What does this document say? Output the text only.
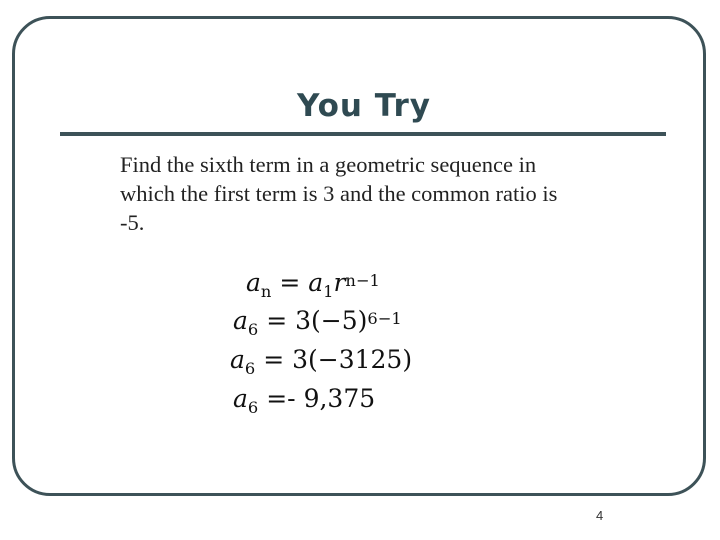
You Try
Find the sixth term in a geometric sequence in which the first term is 3 and the common ratio is -5.
$a_n = a_1r^{n-1}$
$a_6 = 3(-5)^{6-1}$
$a_6 = 3(-3125)$
$a_6 =- 9,375$
4
